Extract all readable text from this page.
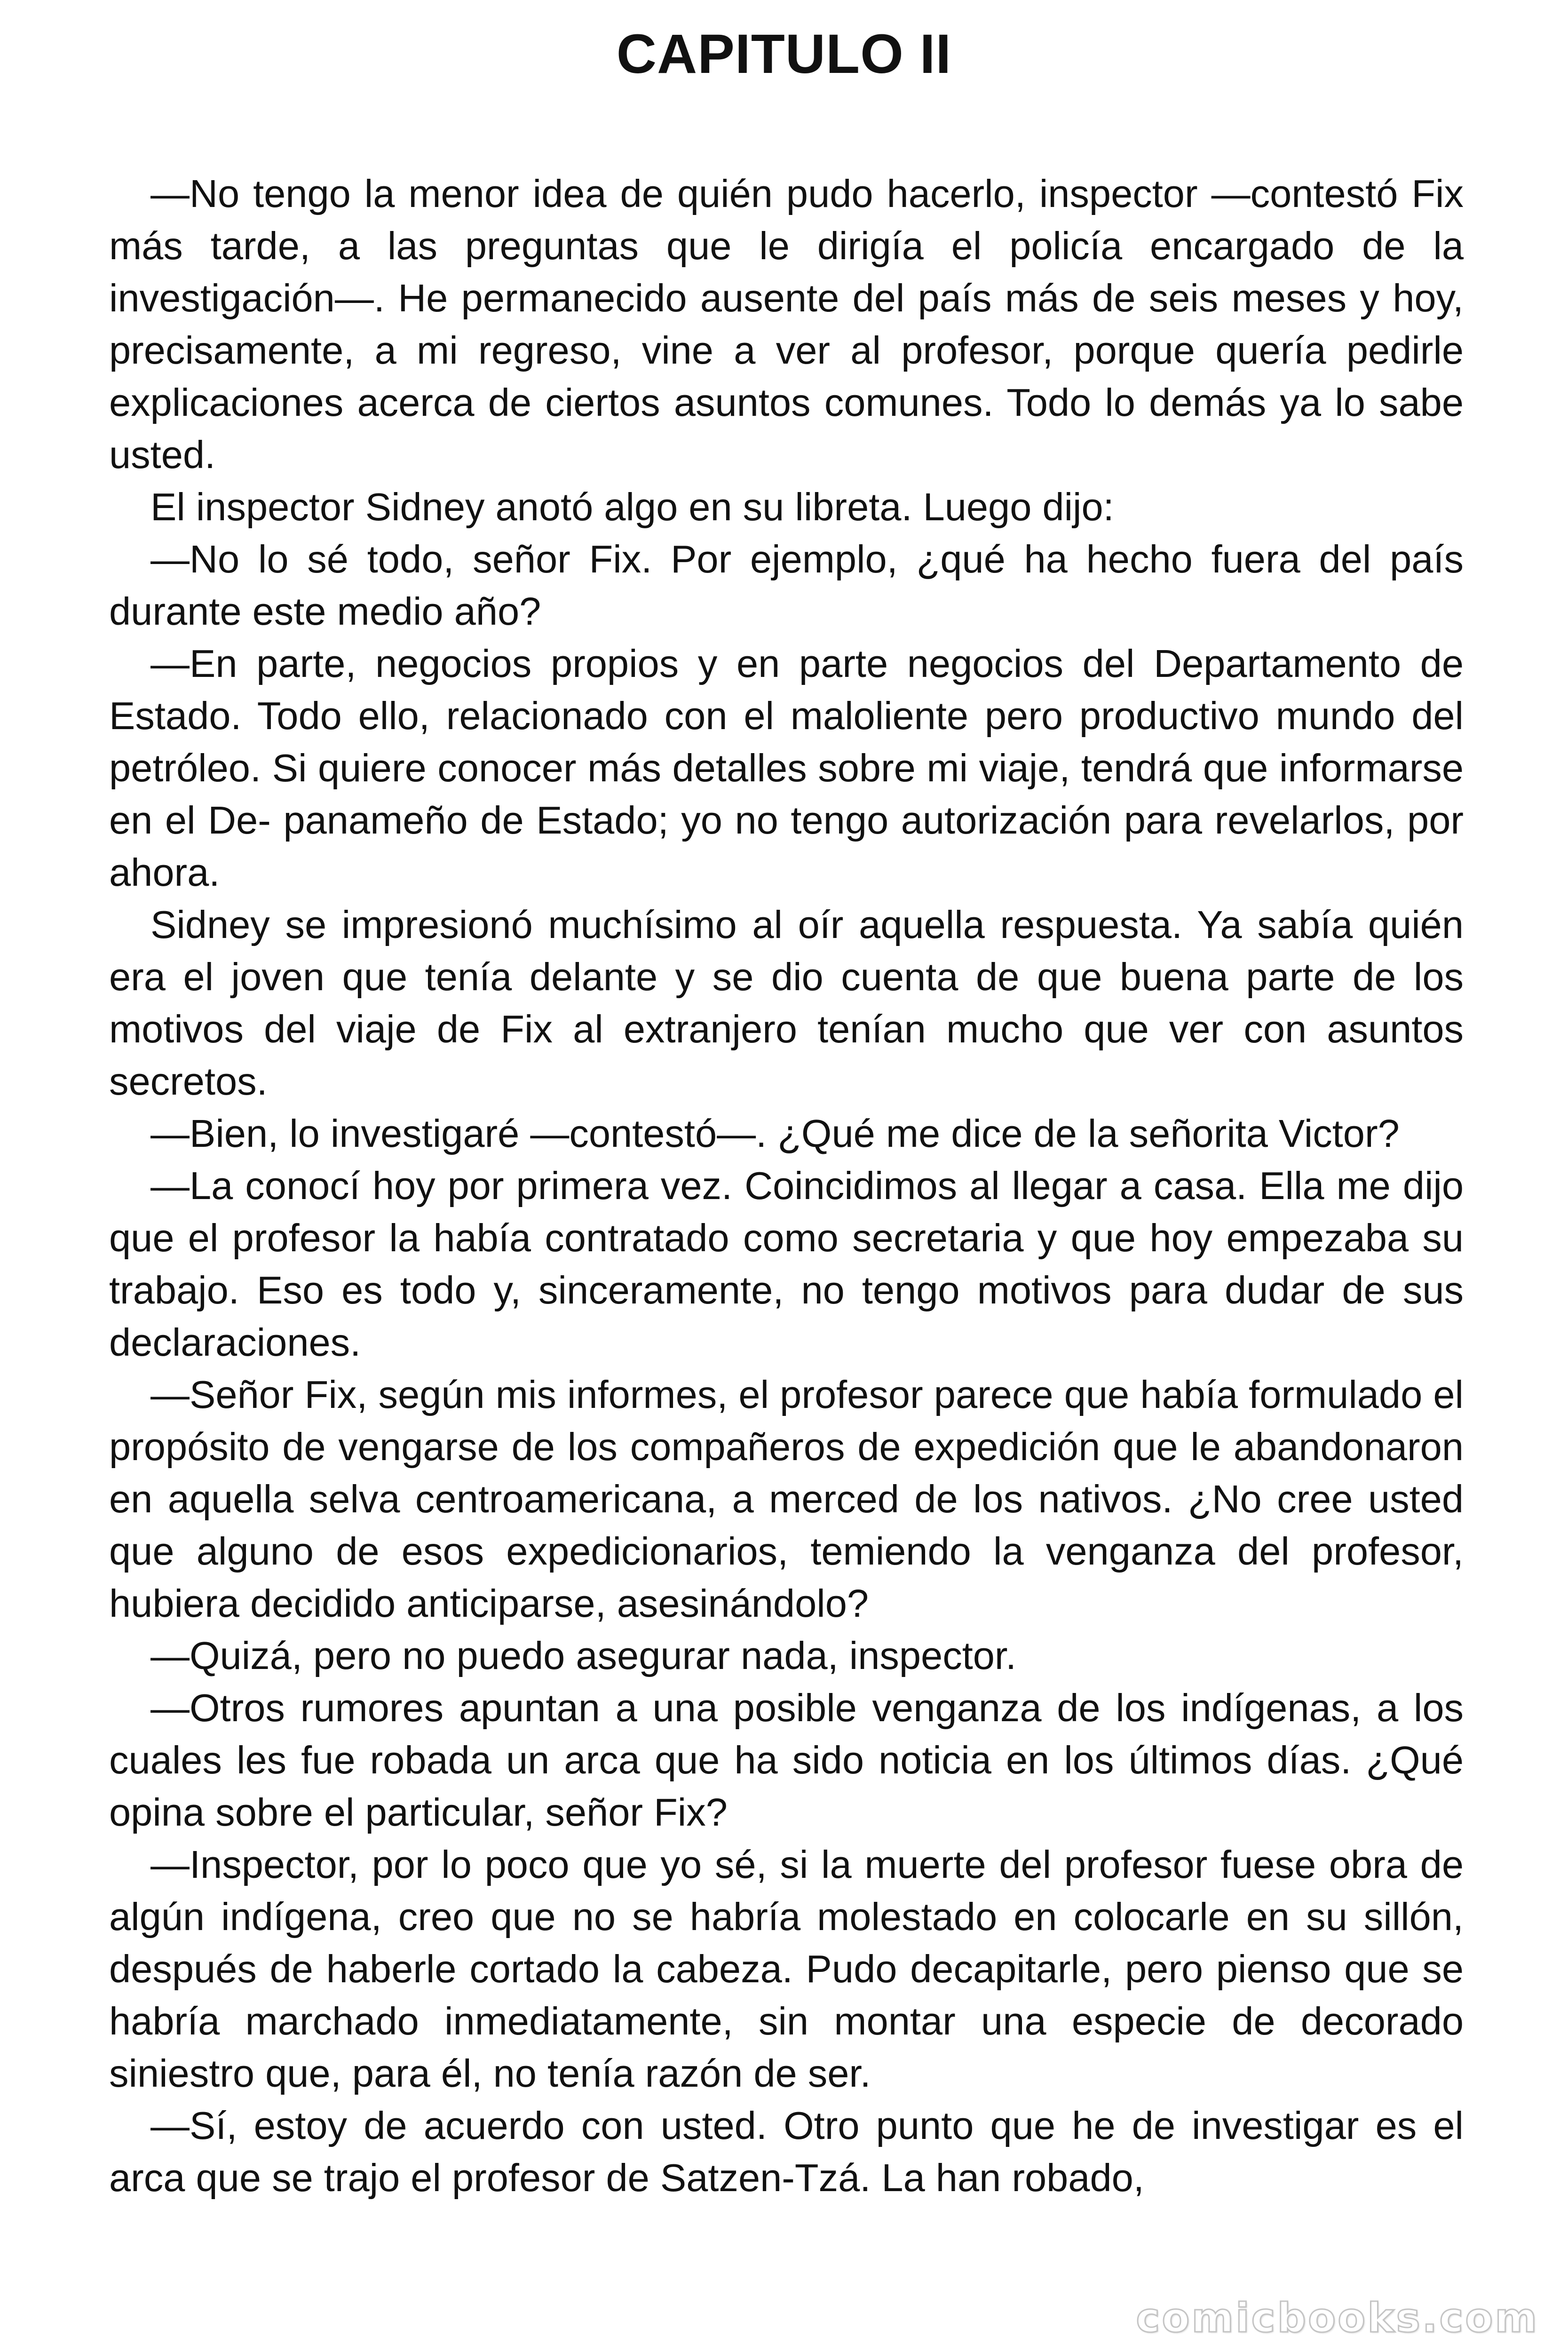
CAPITULO II

—No tengo la menor idea de quién pudo hacerlo, inspector —contestó Fix más tarde, a las preguntas que le dirigía el policía encargado de la investigación—. He permanecido ausente del país más de seis meses y hoy, precisamente, a mi regreso, vine a ver al profesor, porque quería pedirle explicaciones acerca de ciertos asuntos comunes. Todo lo demás ya lo sabe usted.

El inspector Sidney anotó algo en su libreta. Luego dijo:

—No lo sé todo, señor Fix. Por ejemplo, ¿qué ha hecho fuera del país durante este medio año?

—En parte, negocios propios y en parte negocios del Departamento de Estado. Todo ello, relacionado con el maloliente pero productivo mundo del petróleo. Si quiere conocer más detalles sobre mi viaje, tendrá que informarse en el De- panameño de Estado; yo no tengo autorización para revelarlos, por ahora.

Sidney se impresionó muchísimo al oír aquella respuesta. Ya sabía quién era el joven que tenía delante y se dio cuenta de que buena parte de los motivos del viaje de Fix al extranjero tenían mucho que ver con asuntos secretos.

—Bien, lo investigaré —contestó—. ¿Qué me dice de la señorita Victor?

—La conocí hoy por primera vez. Coincidimos al llegar a casa. Ella me dijo que el profesor la había contratado como secretaria y que hoy empezaba su trabajo. Eso es todo y, sinceramente, no tengo motivos para dudar de sus declaraciones.

—Señor Fix, según mis informes, el profesor parece que había formulado el propósito de vengarse de los compañeros de expedición que le abandonaron en aquella selva centroamericana, a merced de los nativos. ¿No cree usted que alguno de esos expedicionarios, temiendo la venganza del profesor, hubiera decidido anticiparse, asesinándolo?

—Quizá, pero no puedo asegurar nada, inspector.

—Otros rumores apuntan a una posible venganza de los indígenas, a los cuales les fue robada un arca que ha sido noticia en los últimos días. ¿Qué opina sobre el particular, señor Fix?

—Inspector, por lo poco que yo sé, si la muerte del profesor fuese obra de algún indígena, creo que no se habría molestado en colocarle en su sillón, después de haberle cortado la cabeza. Pudo decapitarle, pero pienso que se habría marchado inmediatamente, sin montar una especie de decorado siniestro que, para él, no tenía razón de ser.

—Sí, estoy de acuerdo con usted. Otro punto que he de investigar es el arca que se trajo el profesor de Satzen-Tzá. La han robado,

comicbooks.com
